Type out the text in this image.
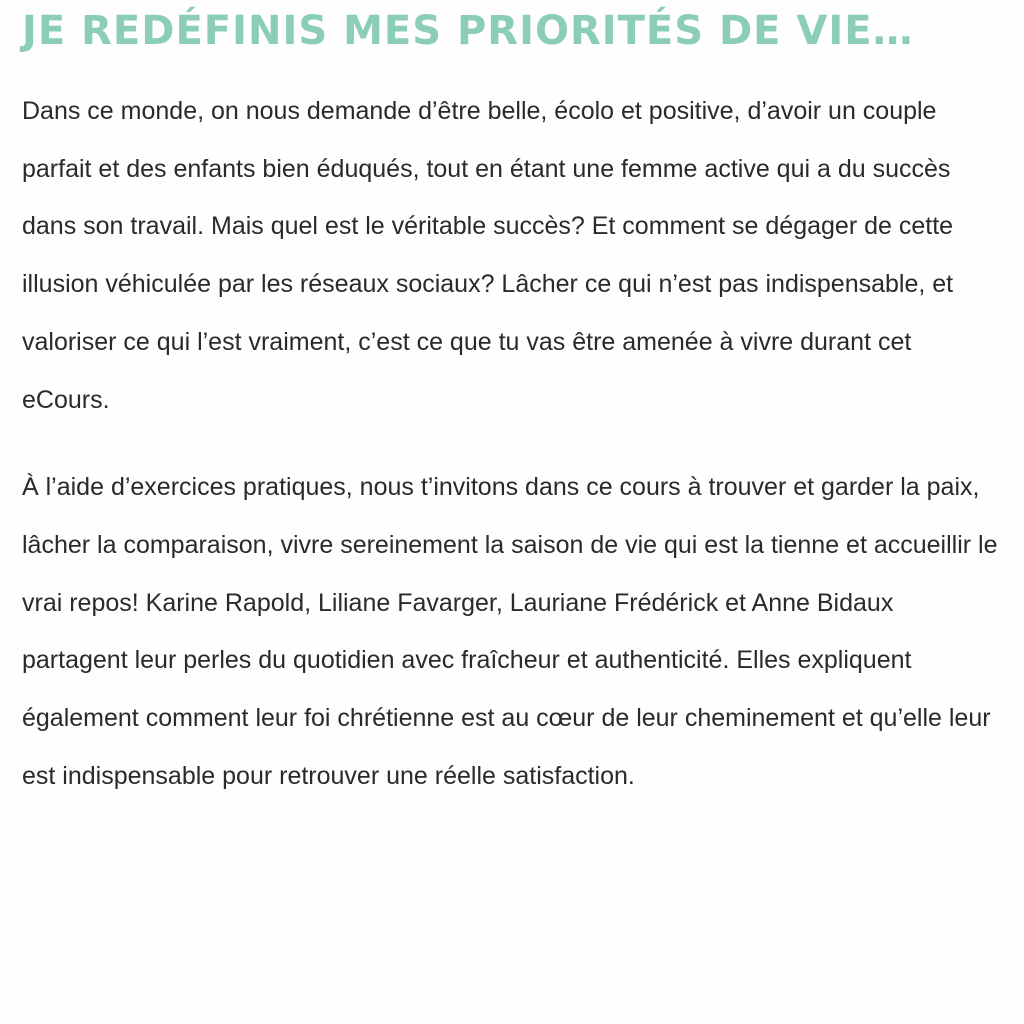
JE REDÉFINIS MES PRIORITÉS DE VIE…

Dans ce monde, on nous demande d’être belle, écolo et positive, d’avoir un couple parfait et des enfants bien éduqués, tout en étant une femme active qui a du succès dans son travail. Mais quel est le véritable succès? Et comment se dégager de cette illusion véhiculée par les réseaux sociaux? Lâcher ce qui n’est pas indispensable, et valoriser ce qui l’est vraiment, c’est ce que tu vas être amenée à vivre durant cet eCours.

À l’aide d’exercices pratiques, nous t’invitons dans ce cours à trouver et garder la paix, lâcher la comparaison, vivre sereinement la saison de vie qui est la tienne et accueillir le vrai repos! Karine Rapold, Liliane Favarger, Lauriane Frédérick et Anne Bidaux partagent leur perles du quotidien avec fraîcheur et authenticité. Elles expliquent également comment leur foi chrétienne est au cœur de leur cheminement et qu’elle leur est indispensable pour retrouver une réelle satisfaction.
